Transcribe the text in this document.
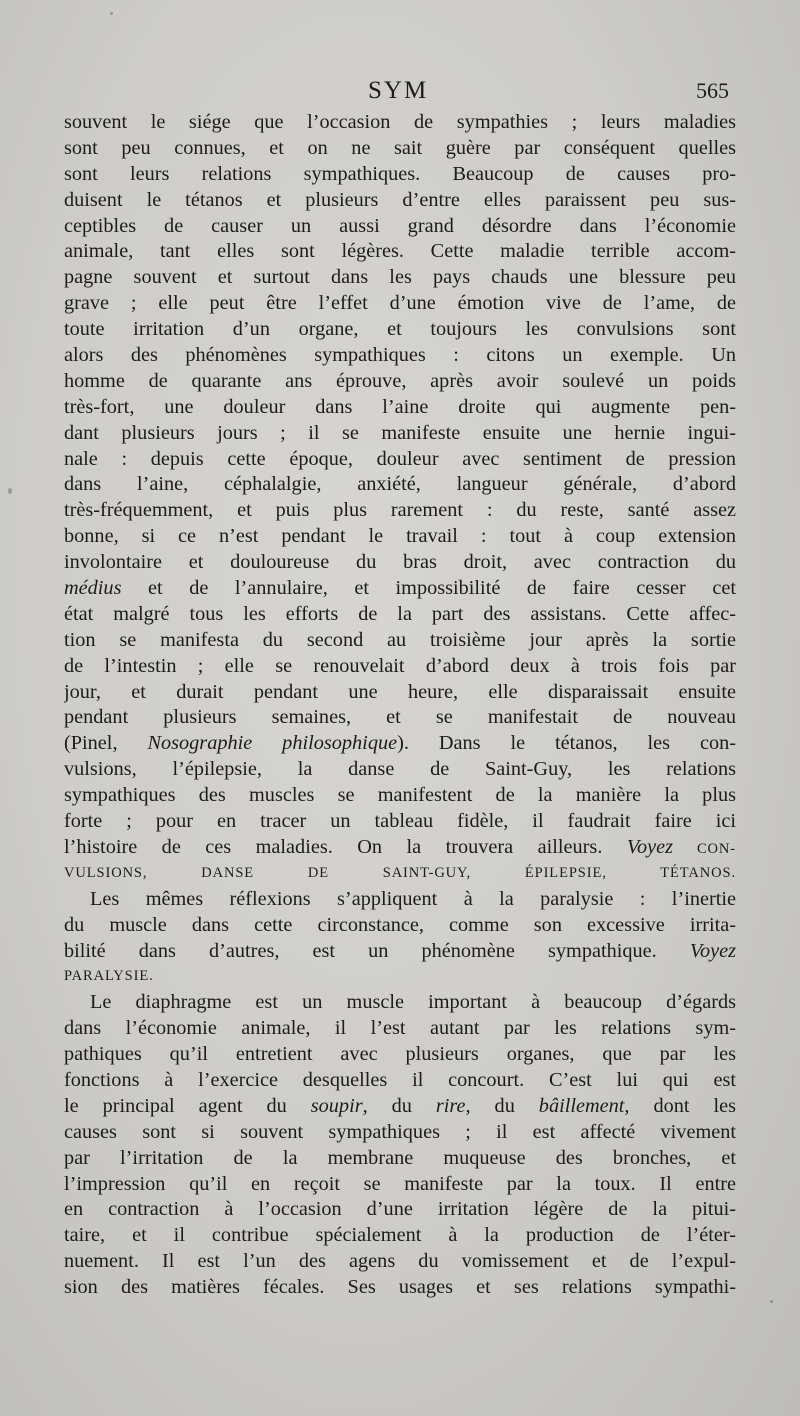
SYM	565
souvent le siége que l’occasion de sympathies ; leurs maladies
sont peu connues, et on ne sait guère par conséquent quelles
sont leurs relations sympathiques. Beaucoup de causes pro-
duisent le tétanos et plusieurs d’entre elles paraissent peu sus-
ceptibles de causer un aussi grand désordre dans l’économie
animale, tant elles sont légères. Cette maladie terrible accom-
pagne souvent et surtout dans les pays chauds une blessure peu
grave ; elle peut être l’effet d’une émotion vive de l’ame, de
toute irritation d’un organe, et toujours les convulsions sont
alors des phénomènes sympathiques : citons un exemple. Un
homme de quarante ans éprouve, après avoir soulevé un poids
très-fort, une douleur dans l’aine droite qui augmente pen-
dant plusieurs jours ; il se manifeste ensuite une hernie ingui-
nale : depuis cette époque, douleur avec sentiment de pression
dans l’aine, céphalalgie, anxiété, langueur générale, d’abord
très-fréquemment, et puis plus rarement : du reste, santé assez
bonne, si ce n’est pendant le travail : tout à coup extension
involontaire et douloureuse du bras droit, avec contraction du
médius et de l’annulaire, et impossibilité de faire cesser cet
état malgré tous les efforts de la part des assistans. Cette affec-
tion se manifesta du second au troisième jour après la sortie
de l’intestin ; elle se renouvelait d’abord deux à trois fois par
jour, et durait pendant une heure, elle disparaissait ensuite
pendant plusieurs semaines, et se manifestait de nouveau
(Pinel, Nosographie philosophique). Dans le tétanos, les con-
vulsions, l’épilepsie, la danse de Saint-Guy, les relations
sympathiques des muscles se manifestent de la manière la plus
forte ; pour en tracer un tableau fidèle, il faudrait faire ici
l’histoire de ces maladies. On la trouvera ailleurs. Voyez CON-
VULSIONS, DANSE DE SAINT-GUY, ÉPILEPSIE, TÉTANOS.
Les mêmes réflexions s’appliquent à la paralysie : l’inertie
du muscle dans cette circonstance, comme son excessive irrita-
bilité dans d’autres, est un phénomène sympathique. Voyez
PARALYSIE.
Le diaphragme est un muscle important à beaucoup d’égards
dans l’économie animale, il l’est autant par les relations sym-
pathiques qu’il entretient avec plusieurs organes, que par les
fonctions à l’exercice desquelles il concourt. C’est lui qui est
le principal agent du soupir, du rire, du bâillement, dont les
causes sont si souvent sympathiques ; il est affecté vivement
par l’irritation de la membrane muqueuse des bronches, et
l’impression qu’il en reçoit se manifeste par la toux. Il entre
en contraction à l’occasion d’une irritation légère de la pitui-
taire, et il contribue spécialement à la production de l’éter-
nuement. Il est l’un des agens du vomissement et de l’expul-
sion des matières fécales. Ses usages et ses relations sympathi-
